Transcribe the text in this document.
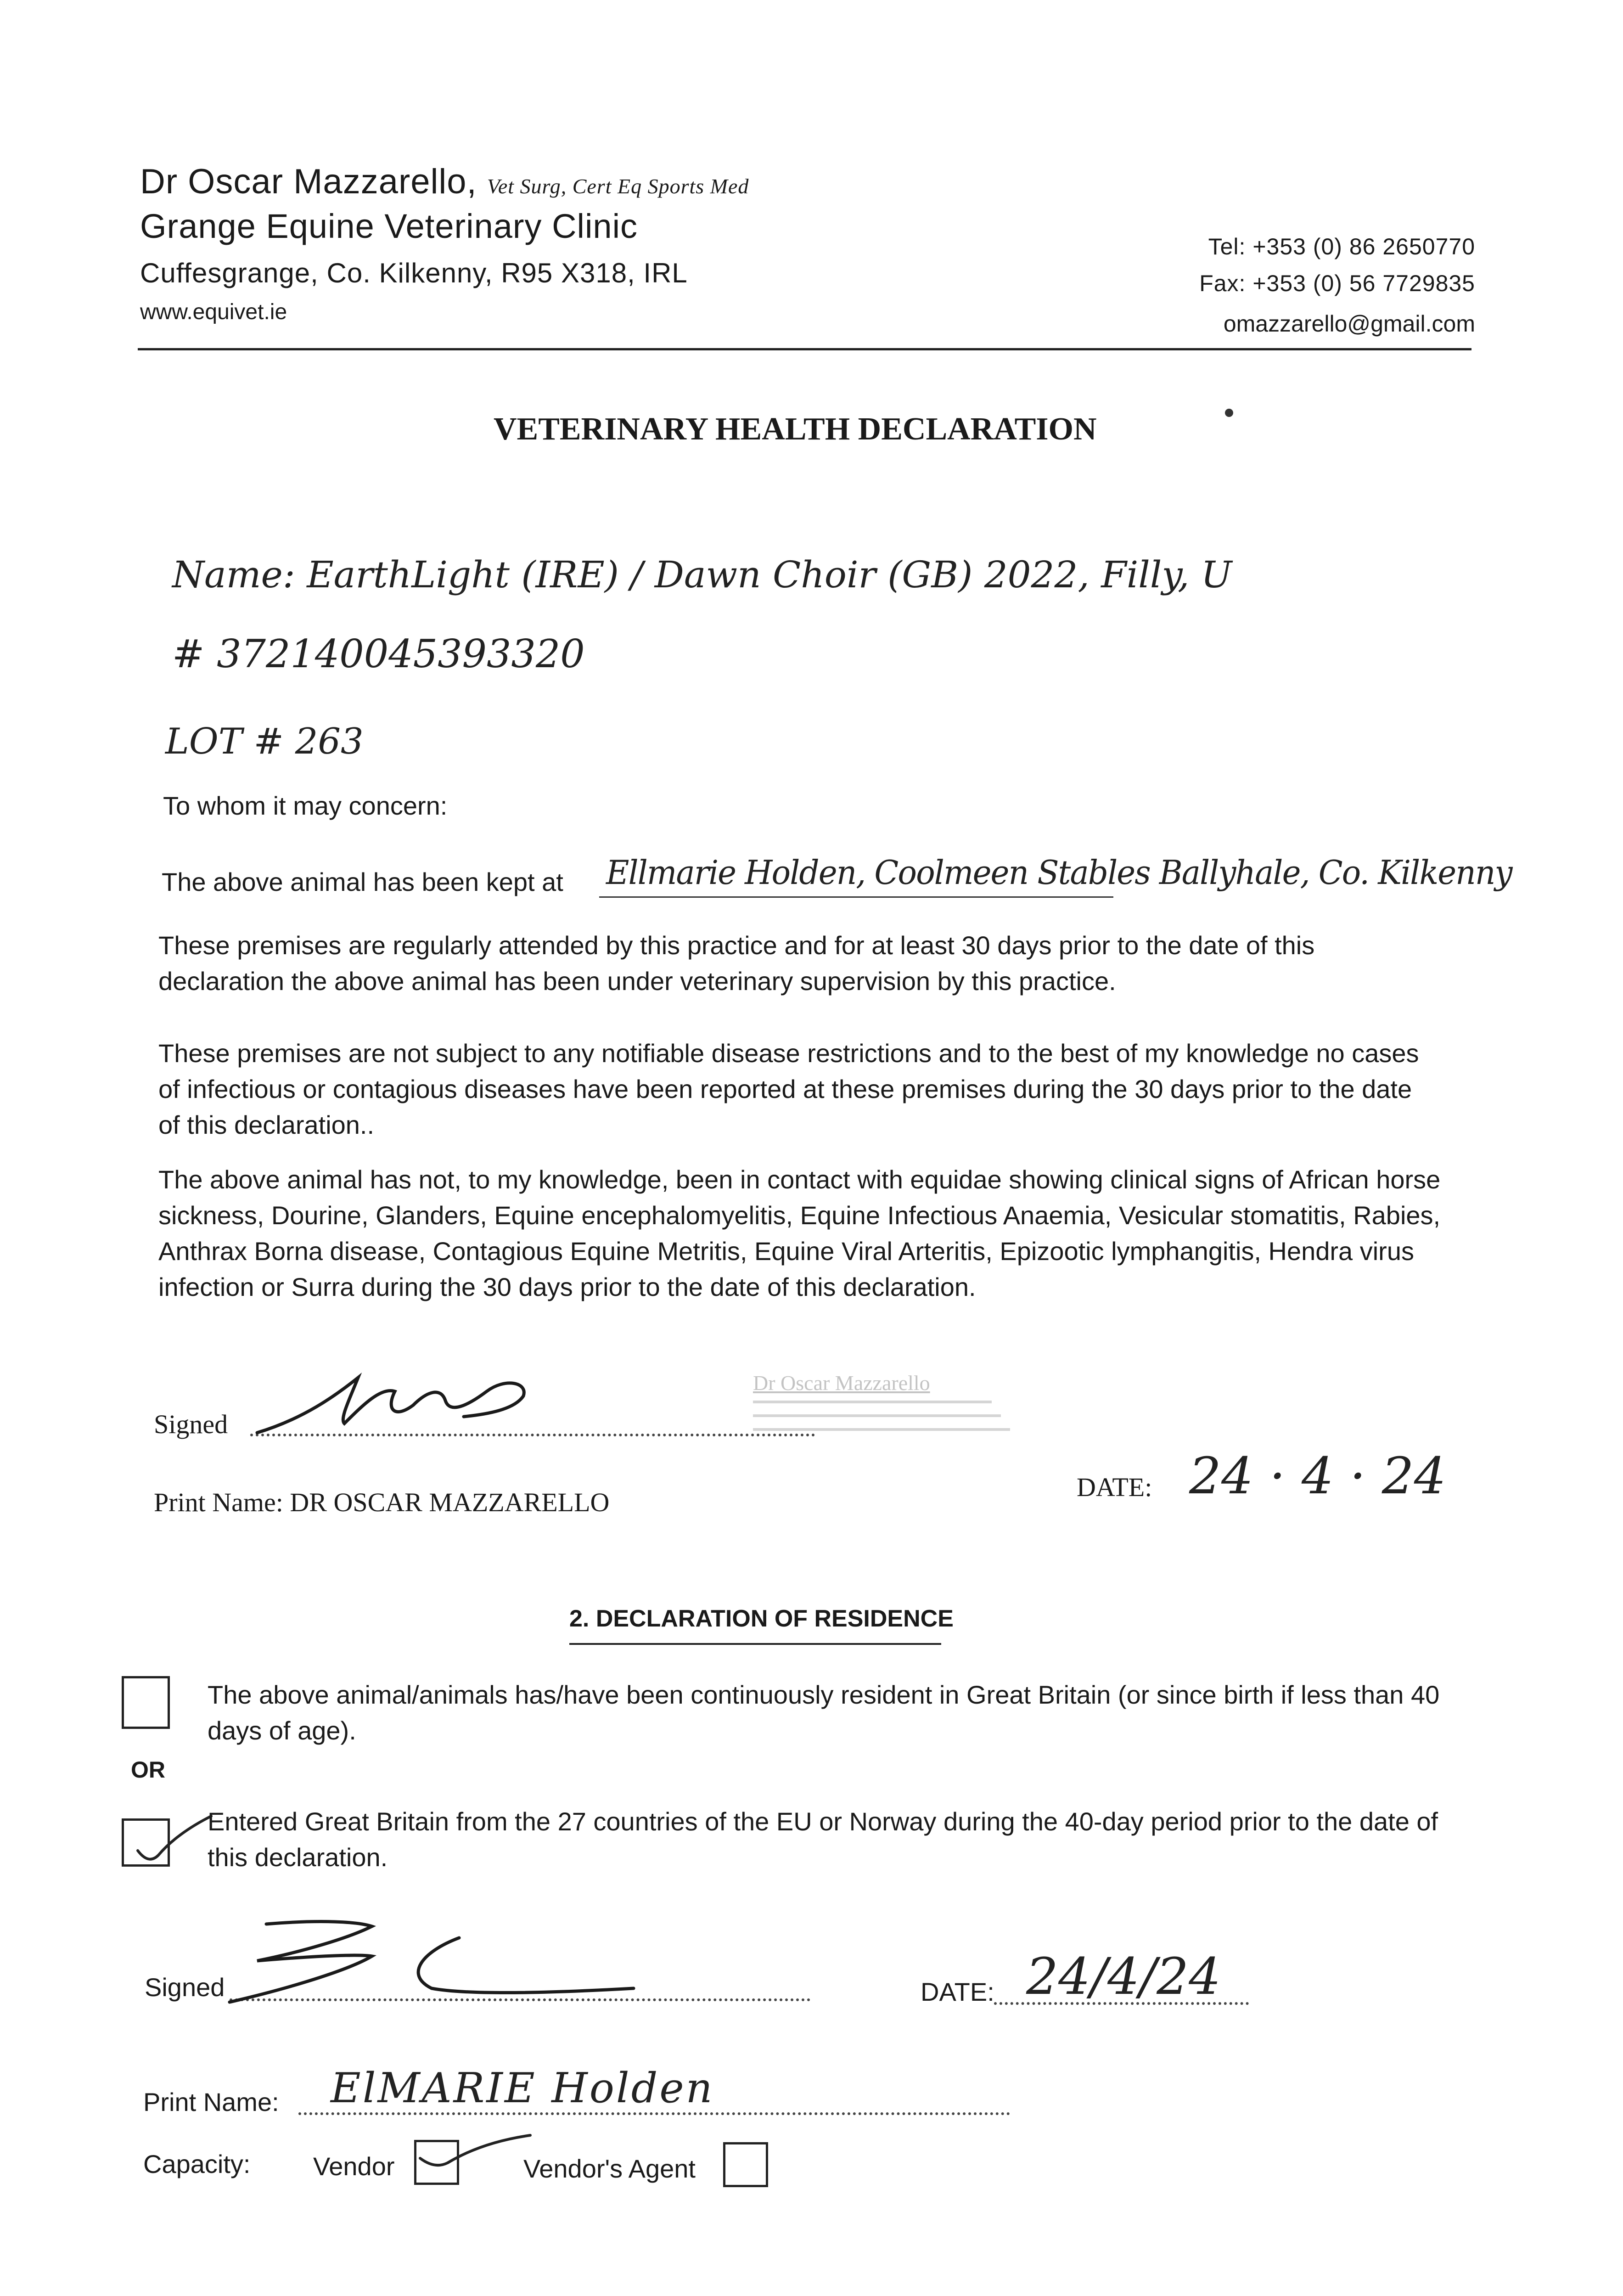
Dr Oscar Mazzarello, Vet Surg, Cert Eq Sports Med
Grange Equine Veterinary Clinic
Cuffesgrange, Co. Kilkenny, R95 X318, IRL
www.equivet.ie
Tel: +353 (0) 86 2650770
Fax: +353 (0) 56 7729835
omazzarello@gmail.com
VETERINARY HEALTH DECLARATION
Name: EarthLight (IRE) / Dawn Choir (GB) 2022, Filly, U
# 372140045393320
LOT # 263
To whom it may concern:
The above animal has been kept at Ellmarie Holden, Coolmeen Stables Ballyhale, Co. Kilkenny
These premises are regularly attended by this practice and for at least 30 days prior to the date of this declaration the above animal has been under veterinary supervision by this practice.
These premises are not subject to any notifiable disease restrictions and to the best of my knowledge no cases of infectious or contagious diseases have been reported at these premises during the 30 days prior to the date of this declaration..
The above animal has not, to my knowledge, been in contact with equidae showing clinical signs of African horse sickness, Dourine, Glanders, Equine encephalomyelitis, Equine Infectious Anaemia, Vesicular stomatitis, Rabies, Anthrax Borna disease, Contagious Equine Metritis, Equine Viral Arteritis, Epizootic lymphangitis, Hendra virus infection or Surra during the 30 days prior to the date of this declaration.
Signed
Dr Oscar Mazzarello
Print Name: DR OSCAR MAZZARELLO
DATE: 24 · 4 · 24
2. DECLARATION OF RESIDENCE
The above animal/animals has/have been continuously resident in Great Britain (or since birth if less than 40 days of age).
OR
Entered Great Britain from the 27 countries of the EU or Norway during the 40-day period prior to the date of this declaration.
Signed	DATE: 24/4/24
Print Name: ElMARIE Holden
Capacity: Vendor	Vendor's Agent
